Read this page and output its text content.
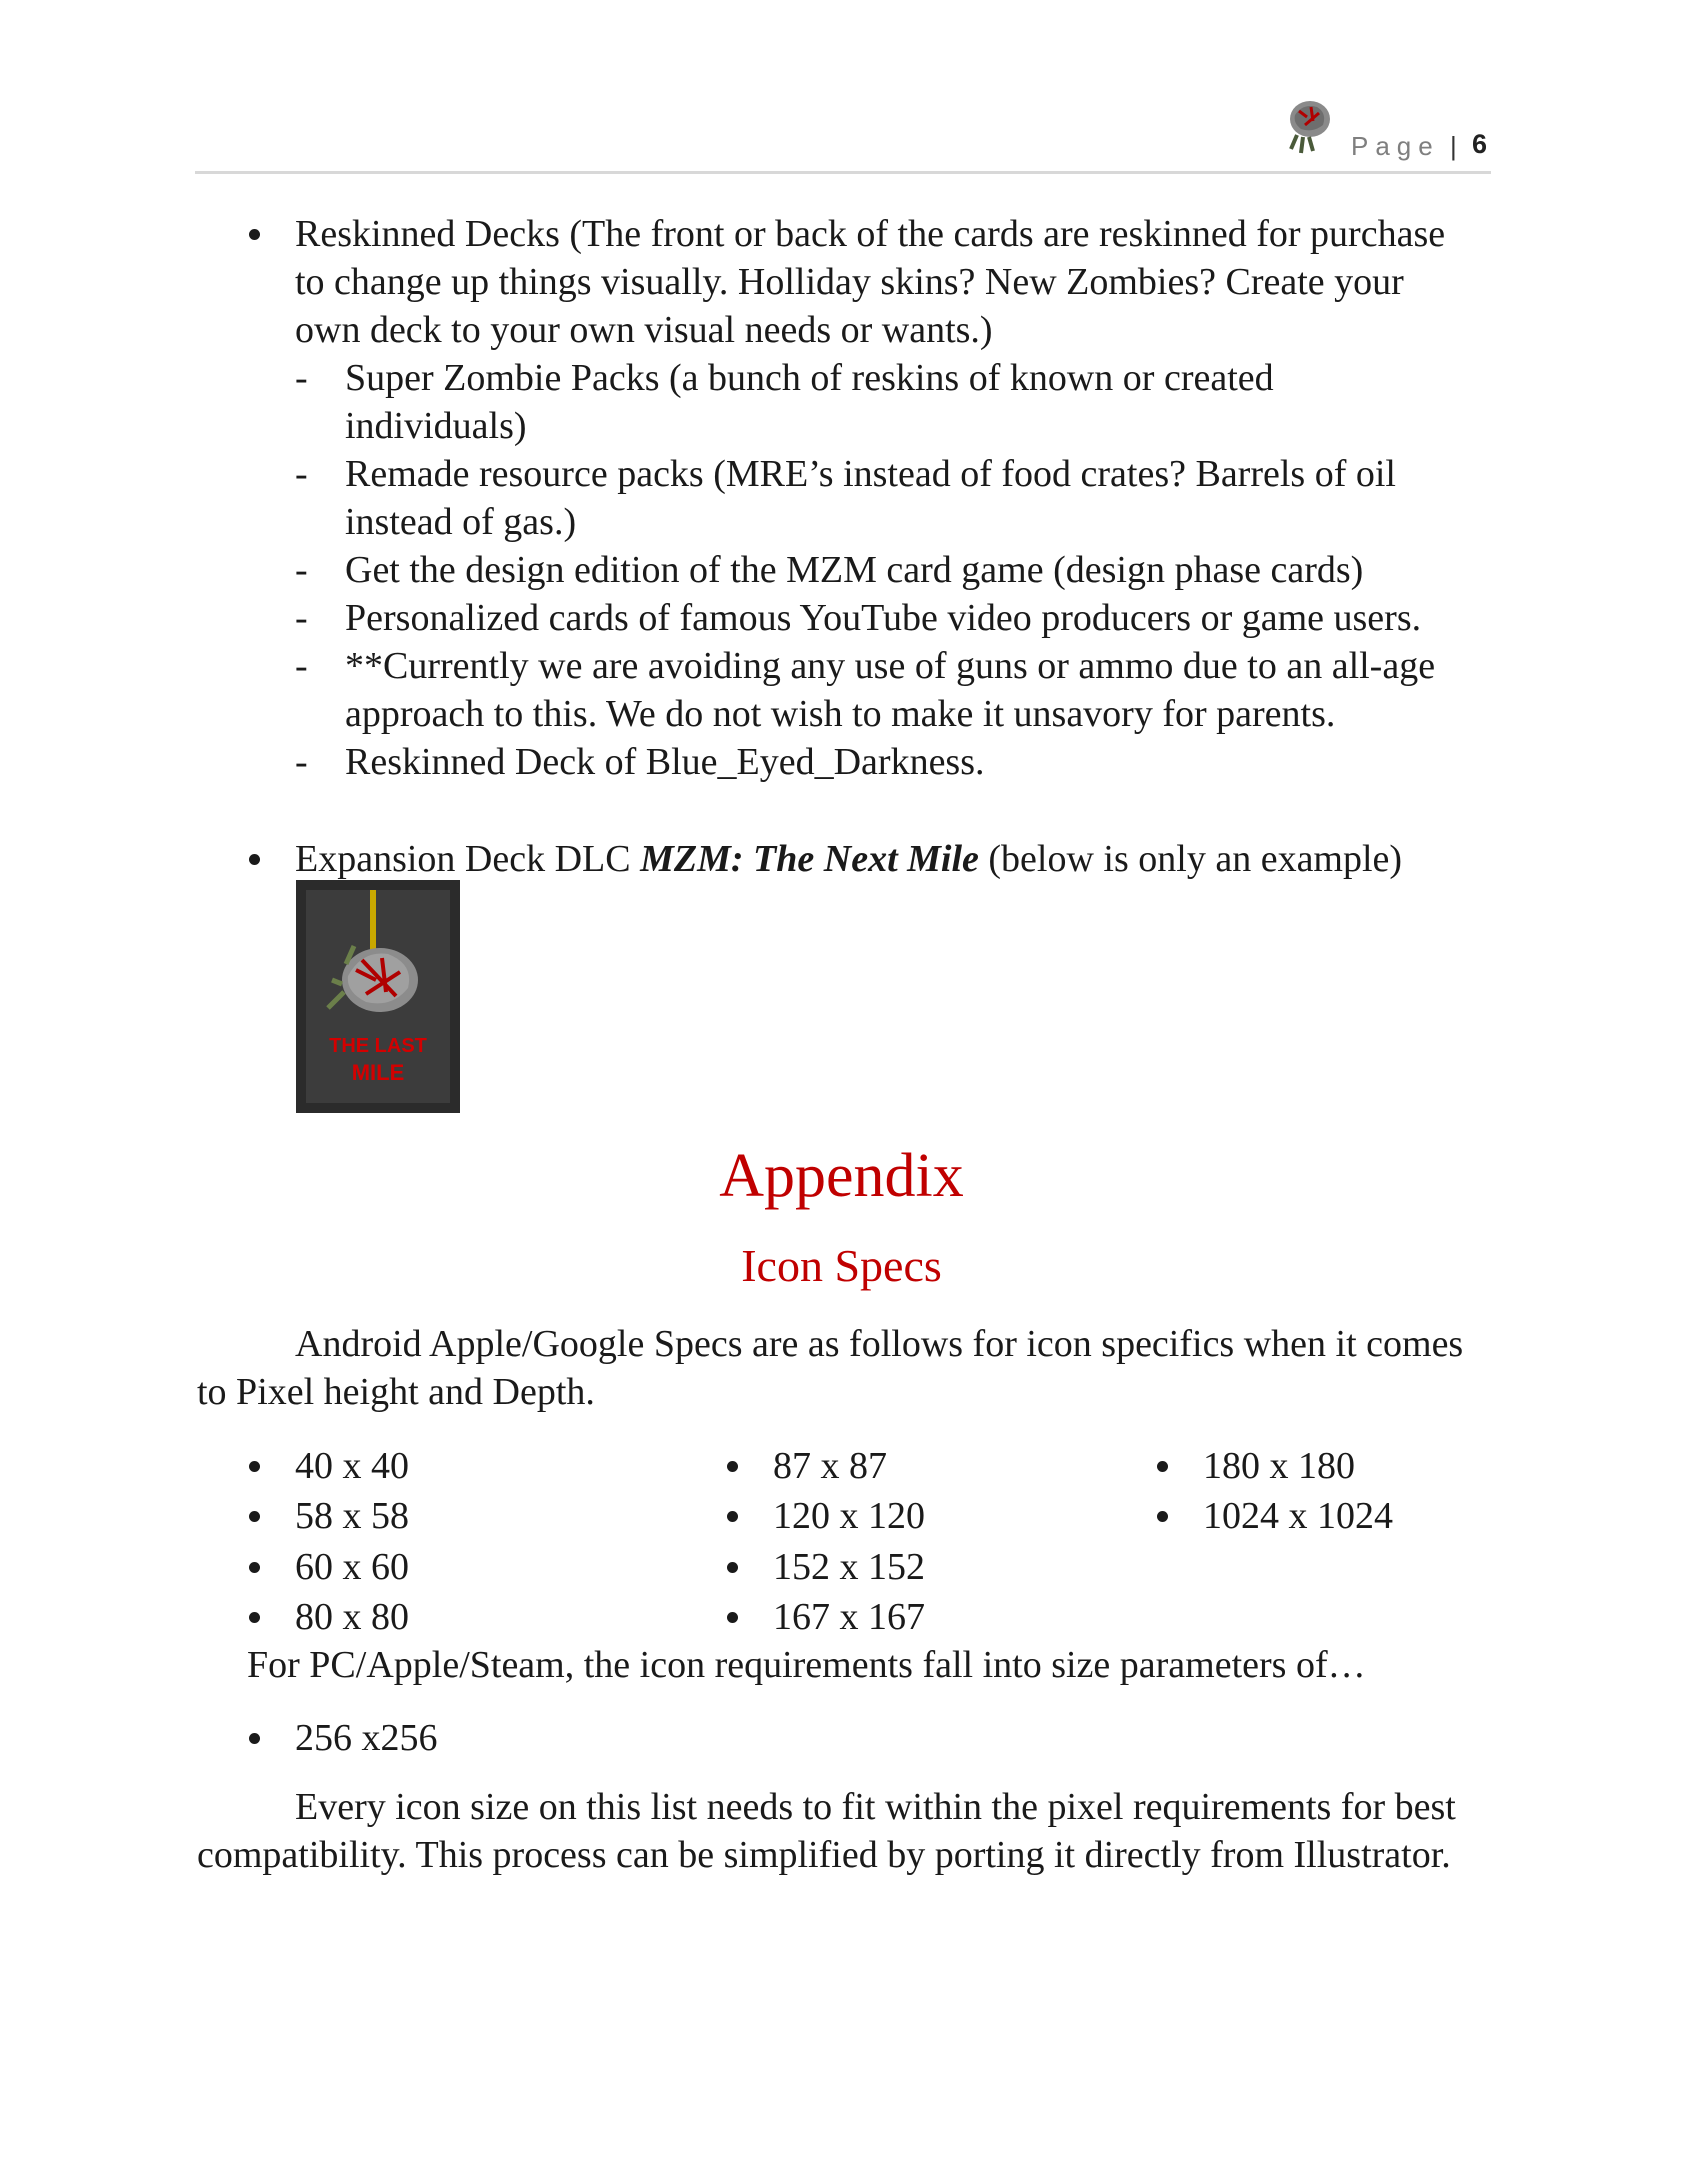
Page | 6
Reskinned Decks (The front or back of the cards are reskinned for purchase
to change up things visually. Holliday skins? New Zombies? Create your
own deck to your own visual needs or wants.)
- Super Zombie Packs (a bunch of reskins of known or created
individuals)
- Remade resource packs (MRE’s instead of food crates? Barrels of oil
instead of gas.)
- Get the design edition of the MZM card game (design phase cards)
- Personalized cards of famous YouTube video producers or game users.
- **Currently we are avoiding any use of guns or ammo due to an all-age
approach to this. We do not wish to make it unsavory for parents.
- Reskinned Deck of Blue_Eyed_Darkness.
Expansion Deck DLC MZM: The Next Mile (below is only an example)
THE LAST
MILE
Appendix
Icon Specs
Android Apple/Google Specs are as follows for icon specifics when it comes
to Pixel height and Depth.
40 x 40
58 x 58
60 x 60
80 x 80
87 x 87
120 x 120
152 x 152
167 x 167
180 x 180
1024 x 1024
For PC/Apple/Steam, the icon requirements fall into size parameters of…
256 x256
Every icon size on this list needs to fit within the pixel requirements for best
compatibility. This process can be simplified by porting it directly from Illustrator.
